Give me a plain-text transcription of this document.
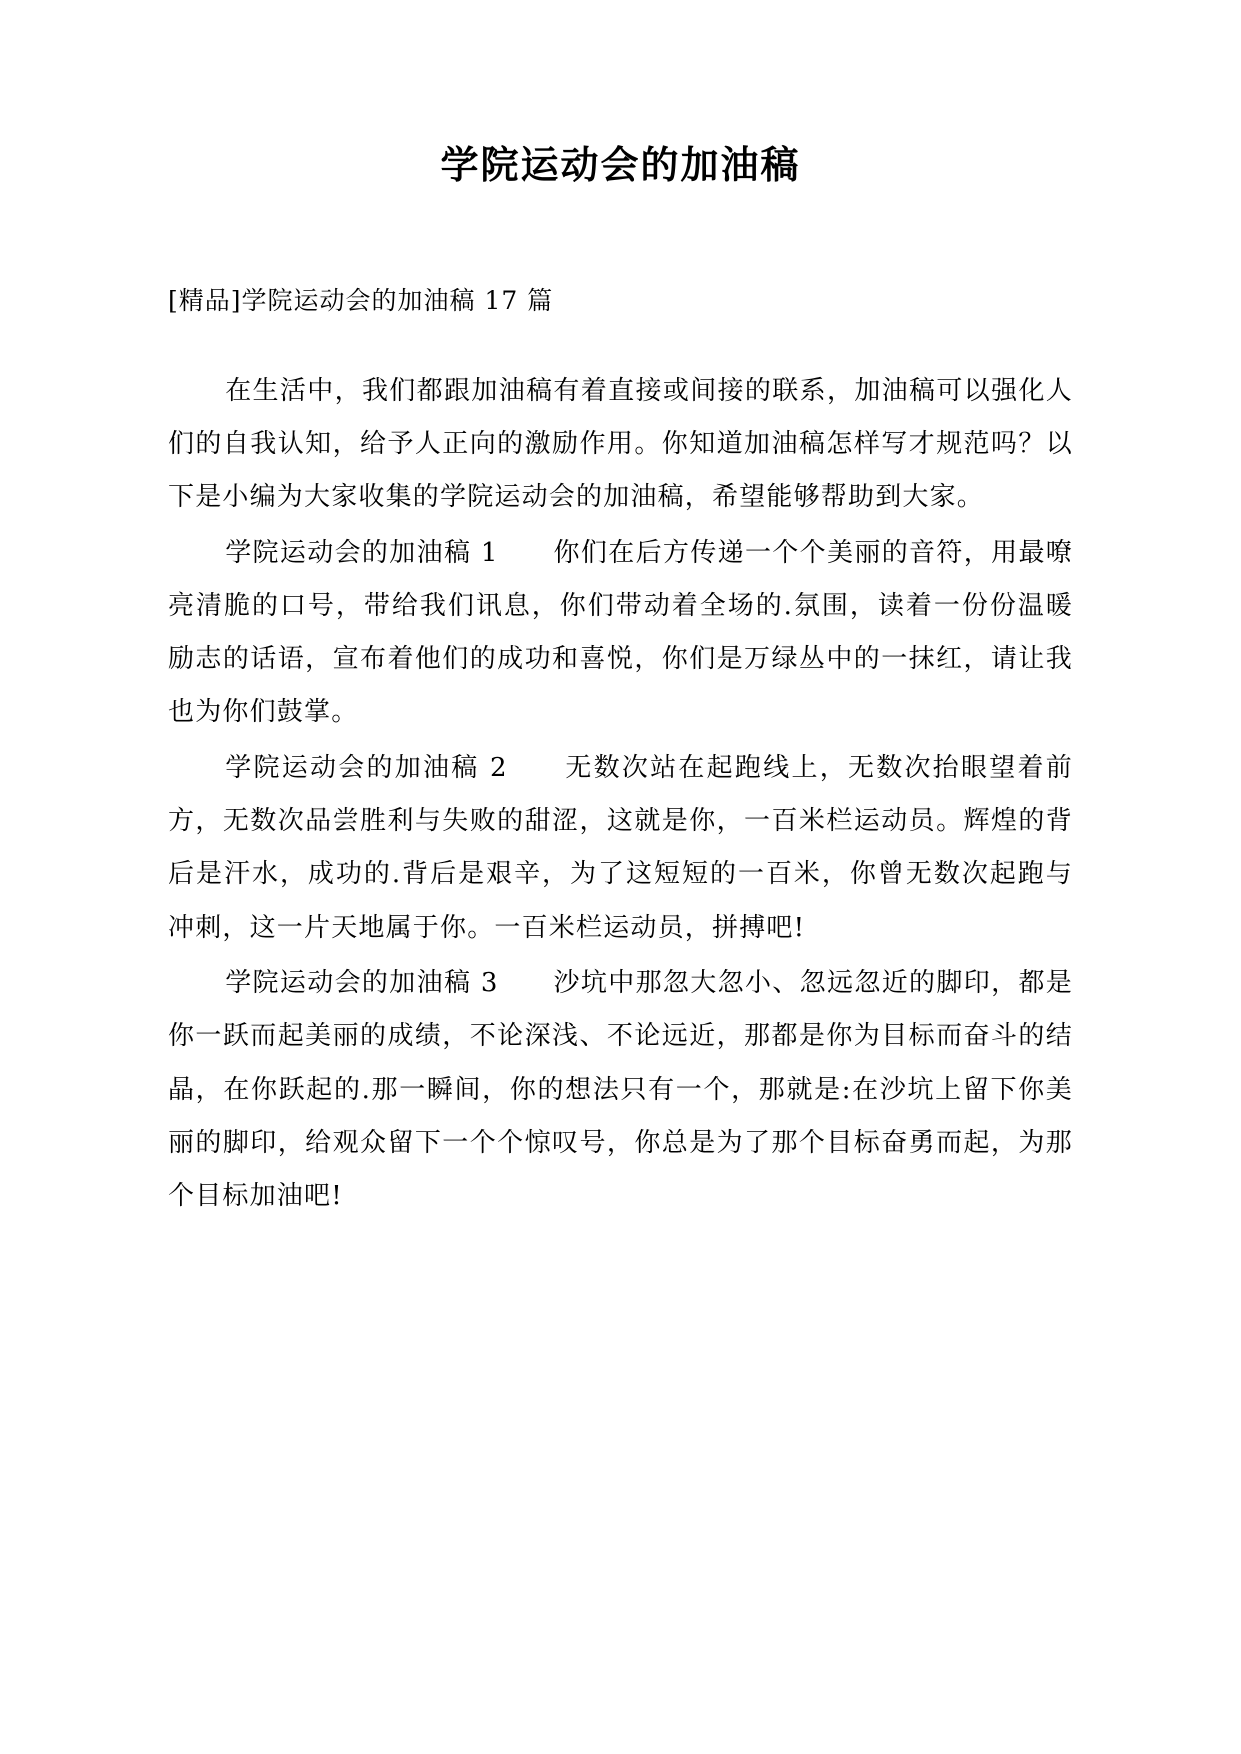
学院运动会的加油稿
[精品]学院运动会的加油稿 17 篇

在生活中，我们都跟加油稿有着直接或间接的联系，加油稿可以强化人们的自我认知，给予人正向的激励作用。你知道加油稿怎样写才规范吗？以下是小编为大家收集的学院运动会的加油稿，希望能够帮助到大家。

学院运动会的加油稿 1　　你们在后方传递一个个美丽的音符，用最嘹亮清脆的口号，带给我们讯息，你们带动着全场的.氛围，读着一份份温暖励志的话语，宣布着他们的成功和喜悦，你们是万绿丛中的一抹红，请让我也为你们鼓掌。

学院运动会的加油稿 2　　无数次站在起跑线上，无数次抬眼望着前方，无数次品尝胜利与失败的甜涩，这就是你，一百米栏运动员。辉煌的背后是汗水，成功的.背后是艰辛，为了这短短的一百米，你曾无数次起跑与冲刺，这一片天地属于你。一百米栏运动员，拼搏吧!

学院运动会的加油稿 3　　沙坑中那忽大忽小、忽远忽近的脚印，都是你一跃而起美丽的成绩，不论深浅、不论远近，那都是你为目标而奋斗的结晶，在你跃起的.那一瞬间，你的想法只有一个，那就是:在沙坑上留下你美丽的脚印，给观众留下一个个惊叹号，你总是为了那个目标奋勇而起，为那个目标加油吧!
